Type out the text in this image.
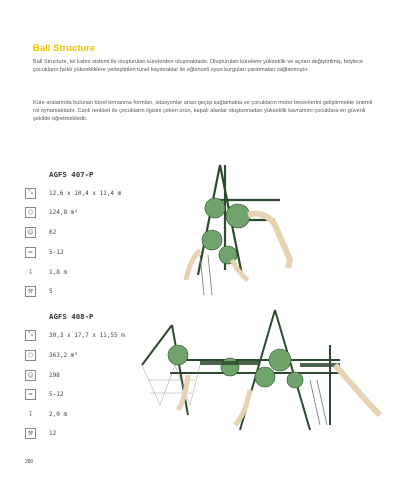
Ball Structure

Ball Structure, tel kafes sistemi ile oluşturulan kürelerden oluşmaktadır. Oluşturulan kürelerin yükseklik ve açıları değiştirilmiş, böylece çocukların farklı yüksekliklere yerleştirilen tünel kaydıraklar ile eğlenceli oyun kurguları yaratmaları sağlanmıştır.

Küre aralarında bulunan tünel tırmanma formları, istasyonlar arası geçişi sağlamakta ve çocukların motor becerilerini geliştirmekte önemli rol oynamaktadır. Canlı renkleri ile çocukların ilgisini çeken ürün, kapalı alanlar oluşturmadan yükseklik kavramını çocuklara en güvenli şekilde öğretmektedir.

AGFS 407-P
⤡	12,6 x 10,4 x 11,4 m
⬡	124,8 m²
☺	62
≈	5-12
↧	1,8 m
⚒	5
AGFS 408-P
⤡	30,3 x 17,7 x 11,55 m
⬡	363,2 m²
☺	198
≈	5-12
↧	2,0 m
⚒	12
280
